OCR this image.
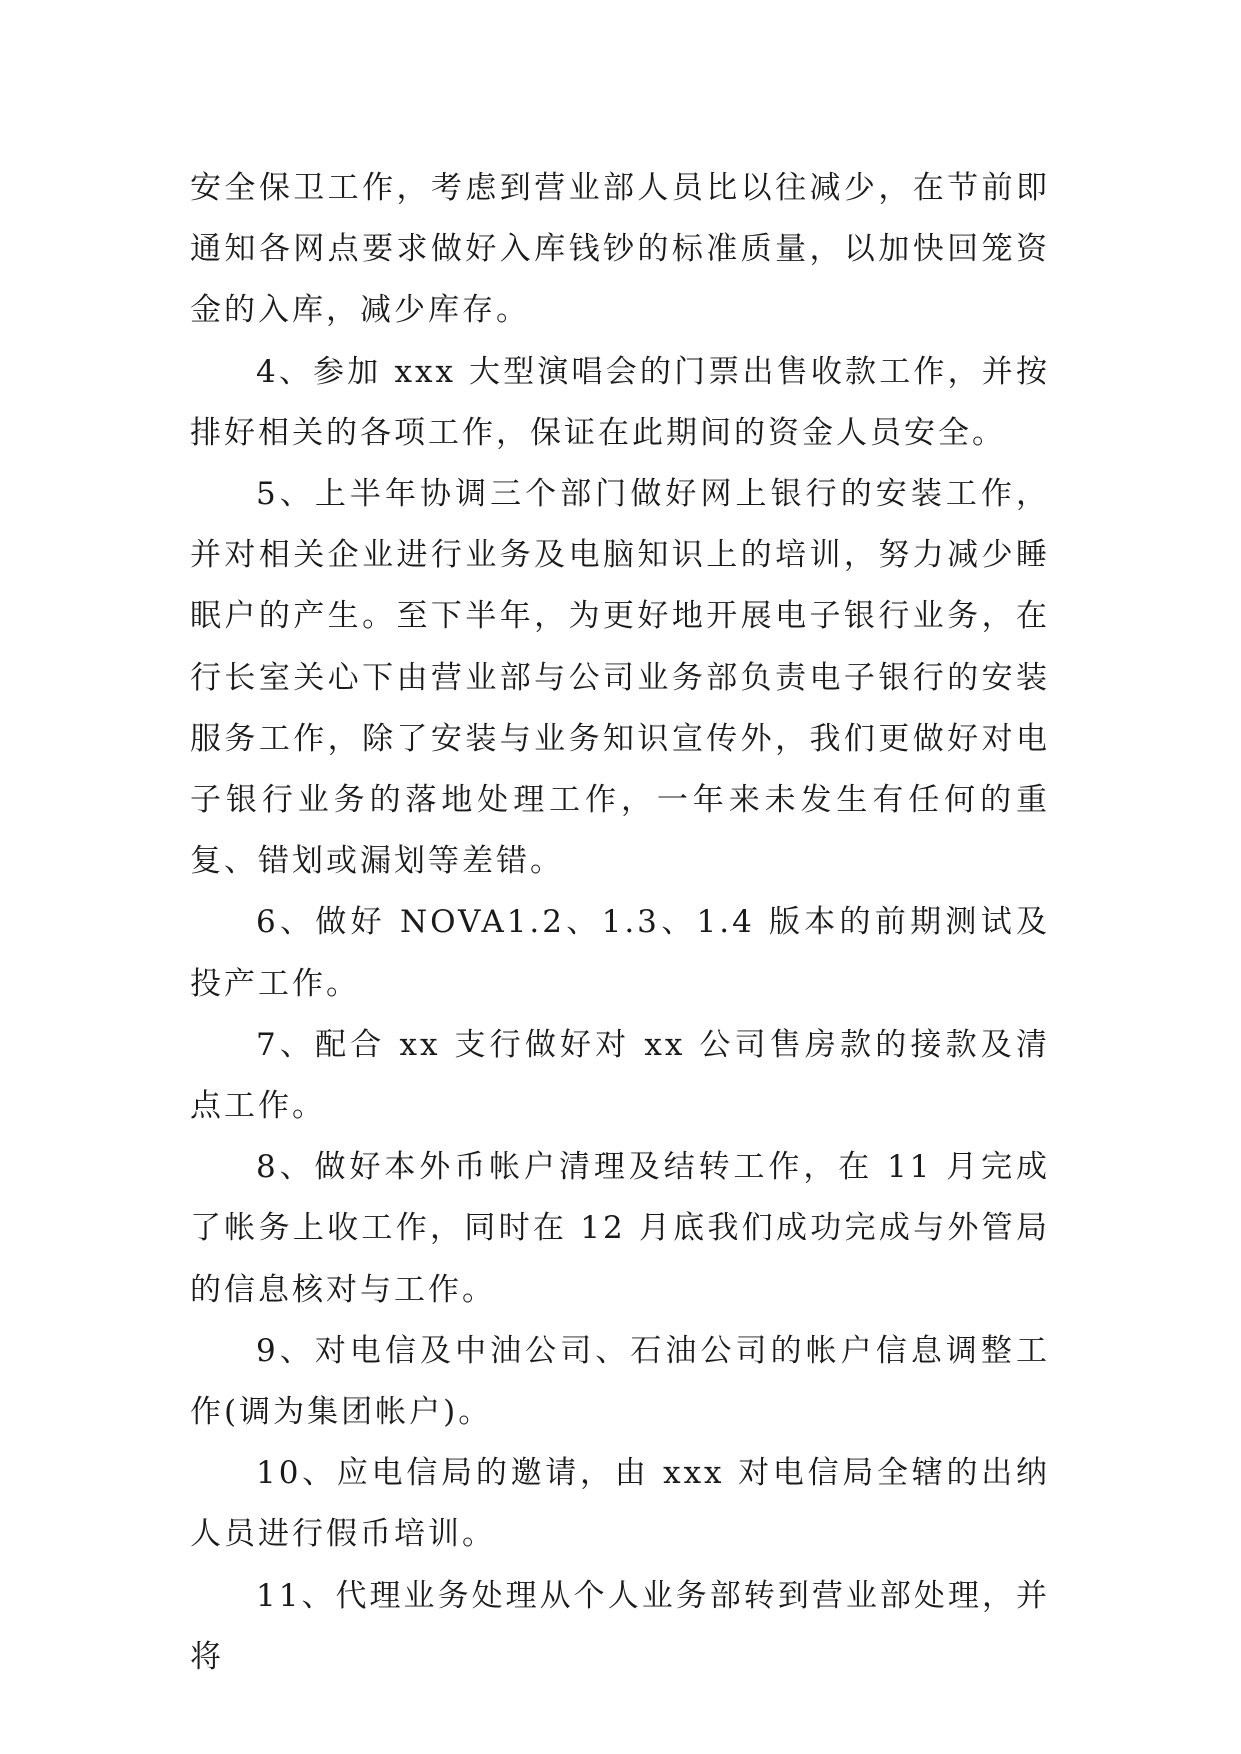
安全保卫工作，考虑到营业部人员比以往减少，在节前即通知各网点要求做好入库钱钞的标准质量，以加快回笼资金的入库，减少库存。

4、参加 xxx 大型演唱会的门票出售收款工作，并按排好相关的各项工作，保证在此期间的资金人员安全。

5、上半年协调三个部门做好网上银行的安装工作，并对相关企业进行业务及电脑知识上的培训，努力减少睡眠户的产生。至下半年，为更好地开展电子银行业务，在行长室关心下由营业部与公司业务部负责电子银行的安装服务工作，除了安装与业务知识宣传外，我们更做好对电子银行业务的落地处理工作，一年来未发生有任何的重复、错划或漏划等差错。

6、做好 NOVA1.2、1.3、1.4 版本的前期测试及投产工作。

7、配合 xx 支行做好对 xx 公司售房款的接款及清点工作。

8、做好本外币帐户清理及结转工作，在 11 月完成了帐务上收工作，同时在 12 月底我们成功完成与外管局的信息核对与工作。

9、对电信及中油公司、石油公司的帐户信息调整工作(调为集团帐户)。

10、应电信局的邀请，由 xxx 对电信局全辖的出纳人员进行假币培训。

11、代理业务处理从个人业务部转到营业部处理，并将
